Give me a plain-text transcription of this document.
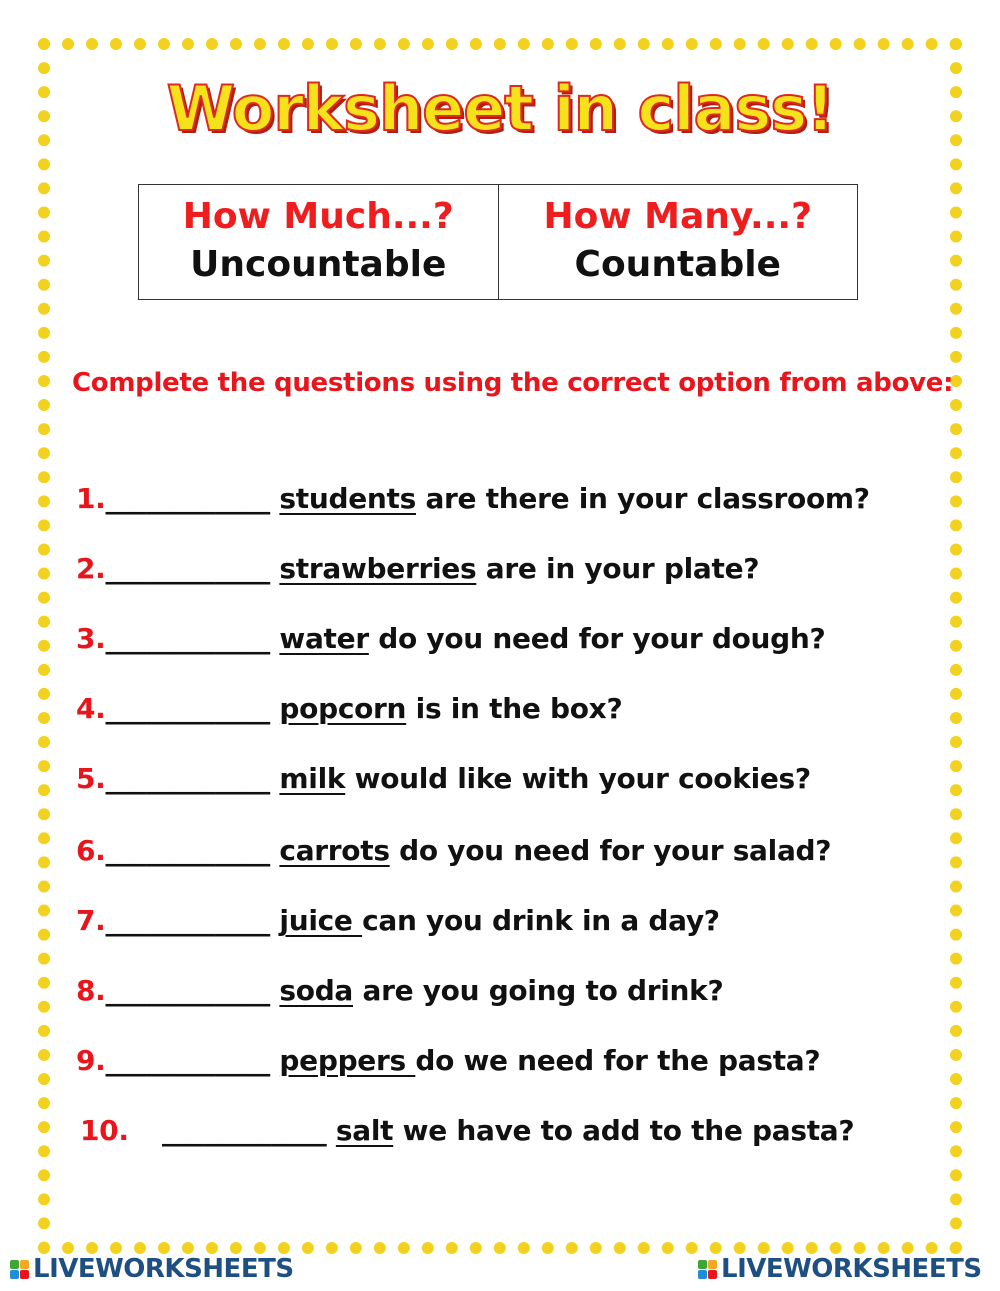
Worksheet in class!
How Much...?
Uncountable
How Many...?
Countable
Complete the questions using the correct option from above:
1.____________ students are there in your classroom?
2.____________ strawberries are in your plate?
3.____________ water do you need for your dough?
4.____________ popcorn is in the box?
5.____________ milk would like with your cookies?
6.____________ carrots do you need for your salad?
7.____________ juice can you drink in a day?
8.____________ soda are you going to drink?
9.____________ peppers do we need for the pasta?
10. ____________ salt we have to add to the pasta?
LIVEWORKSHEETS	LIVEWORKSHEETS
